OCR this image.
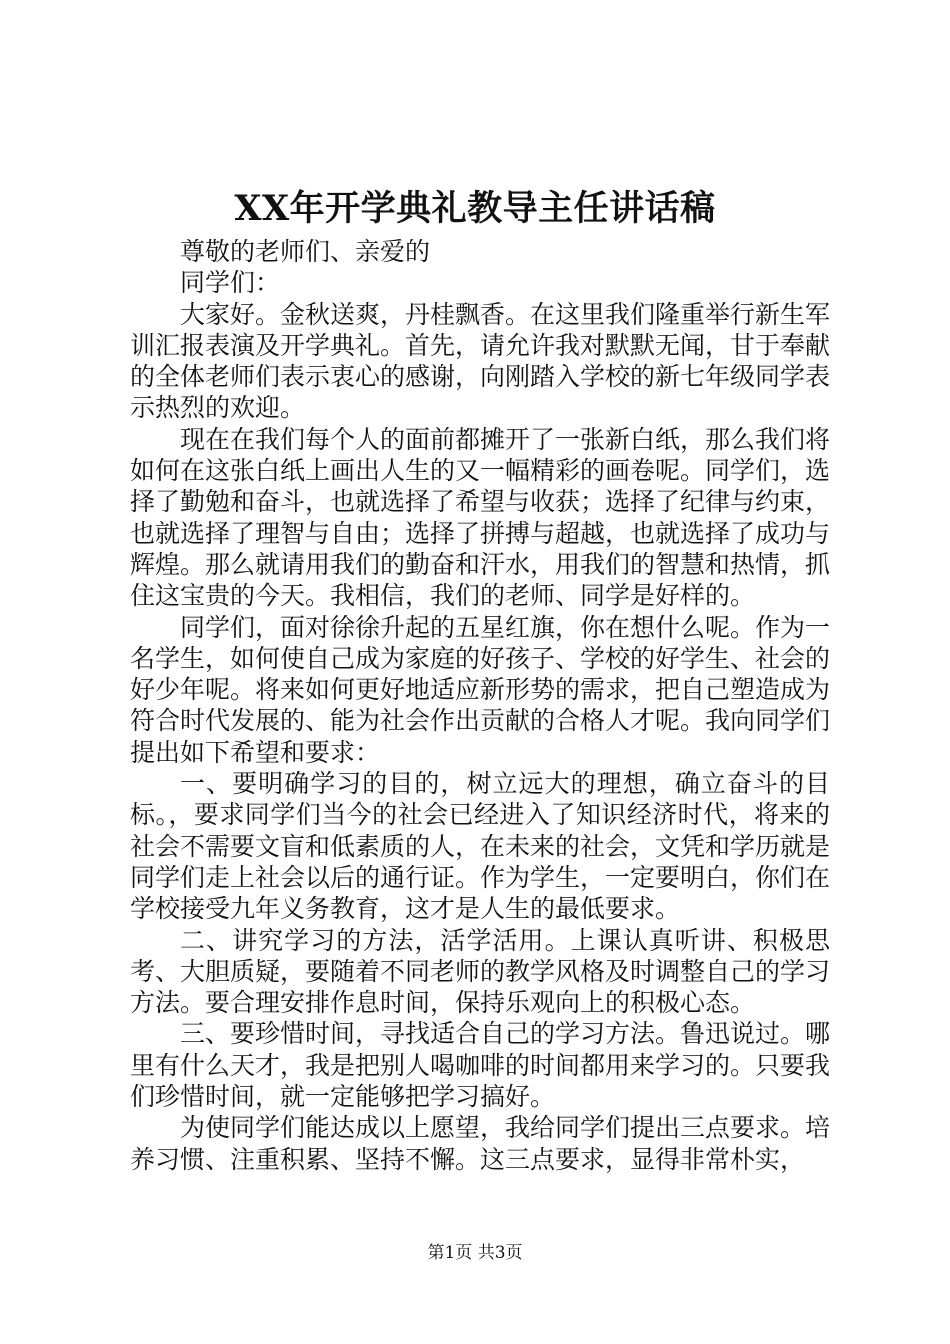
XX年开学典礼教导主任讲话稿

尊敬的老师们、亲爱的

同学们：

大家好。金秋送爽，丹桂飘香。在这里我们隆重举行新生军训汇报表演及开学典礼。首先，请允许我对默默无闻，甘于奉献的全体老师们表示衷心的感谢，向刚踏入学校的新七年级同学表示热烈的欢迎。

现在在我们每个人的面前都摊开了一张新白纸，那么我们将如何在这张白纸上画出人生的又一幅精彩的画卷呢。同学们，选择了勤勉和奋斗，也就选择了希望与收获；选择了纪律与约束，也就选择了理智与自由；选择了拼搏与超越，也就选择了成功与辉煌。那么就请用我们的勤奋和汗水，用我们的智慧和热情，抓住这宝贵的今天。我相信，我们的老师、同学是好样的。

同学们，面对徐徐升起的五星红旗，你在想什么呢。作为一名学生，如何使自己成为家庭的好孩子、学校的好学生、社会的好少年呢。将来如何更好地适应新形势的需求，把自己塑造成为符合时代发展的、能为社会作出贡献的合格人才呢。我向同学们提出如下希望和要求：

一、要明确学习的目的，树立远大的理想，确立奋斗的目标。，要求同学们当今的社会已经进入了知识经济时代，将来的社会不需要文盲和低素质的人，在未来的社会，文凭和学历就是同学们走上社会以后的通行证。作为学生，一定要明白，你们在学校接受九年义务教育，这才是人生的最低要求。

二、讲究学习的方法，活学活用。上课认真听讲、积极思考、大胆质疑，要随着不同老师的教学风格及时调整自己的学习方法。要合理安排作息时间，保持乐观向上的积极心态。

三、要珍惜时间，寻找适合自己的学习方法。鲁迅说过。哪里有什么天才，我是把别人喝咖啡的时间都用来学习的。只要我们珍惜时间，就一定能够把学习搞好。

为使同学们能达成以上愿望，我给同学们提出三点要求。培养习惯、注重积累、坚持不懈。这三点要求，显得非常朴实，

第1页 共3页
